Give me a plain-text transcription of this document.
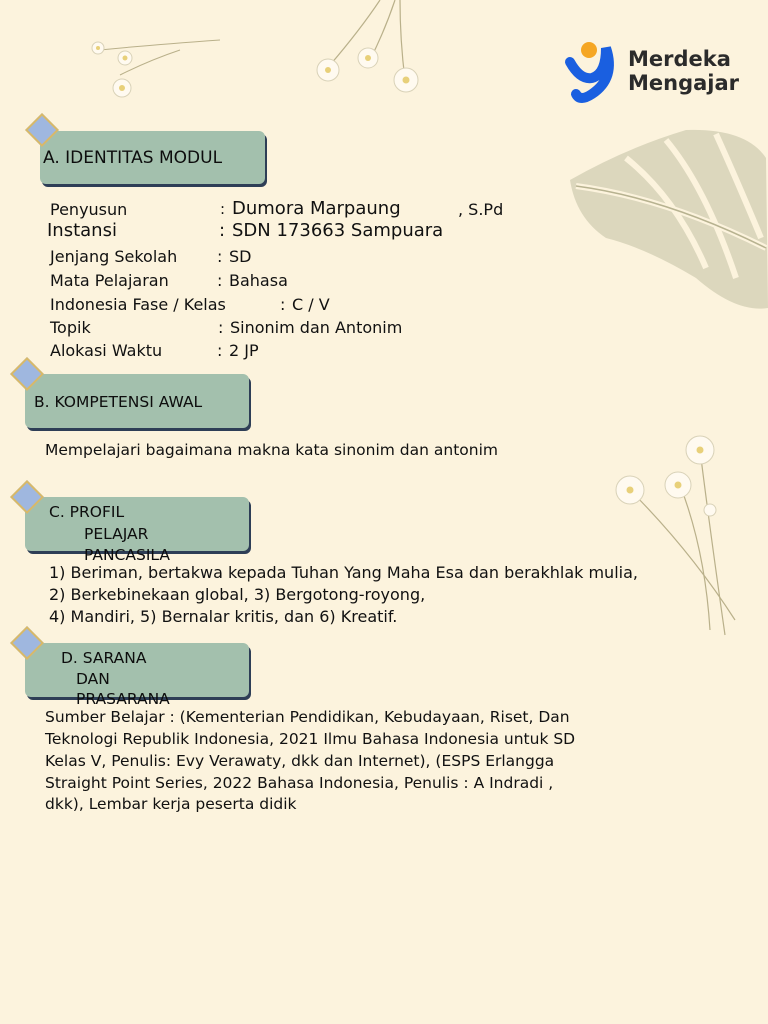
Merdeka
Mengajar
A. IDENTITAS MODUL
Penyusun	: Dumora Marpaung	, S.Pd
Instansi	: SDN 173663 Sampuara
Jenjang Sekolah : SD
Mata Pelajaran	: Bahasa
Indonesia Fase / Kelas	: C / V
Topik	: Sinonim dan Antonim
Alokasi Waktu	: 2 JP
B. KOMPETENSI AWAL
Mempelajari bagaimana makna kata sinonim dan antonim
C. PROFIL
PELAJAR
PANCASILA
1) Beriman, bertakwa kepada Tuhan Yang Maha Esa dan berakhlak mulia,
2) Berkebinekaan global, 3) Bergotong-royong,
4) Mandiri, 5) Bernalar kritis, dan 6) Kreatif.
D. SARANA
DAN
PRASARANA
Sumber Belajar : (Kementerian Pendidikan, Kebudayaan, Riset, Dan
Teknologi Republik Indonesia, 2021 Ilmu Bahasa Indonesia untuk SD
Kelas V, Penulis: Evy Verawaty, dkk dan Internet), (ESPS Erlangga
Straight Point Series, 2022 Bahasa Indonesia, Penulis : A Indradi ,
dkk), Lembar kerja peserta didik
